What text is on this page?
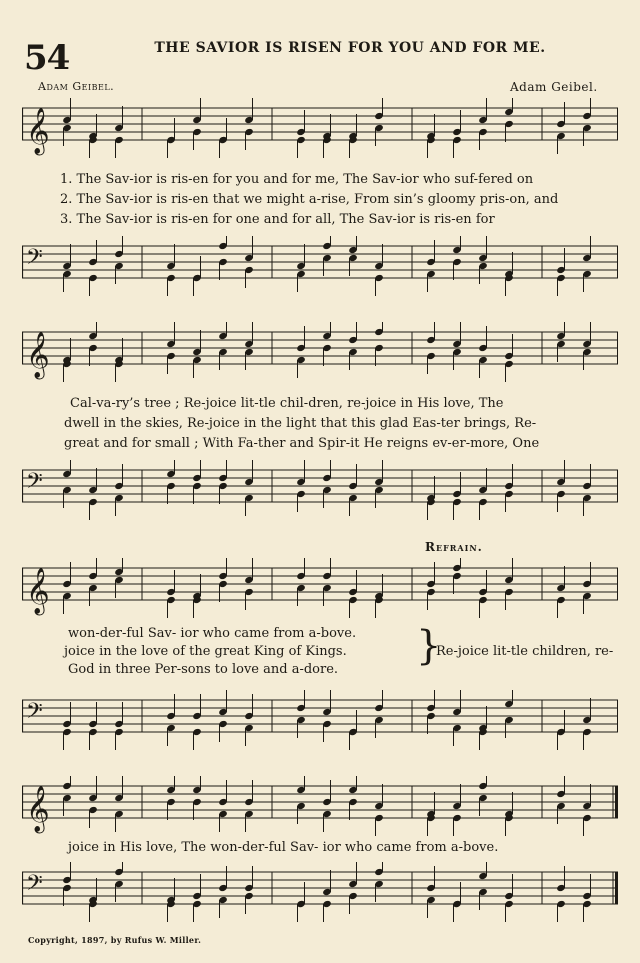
54	THE SAVIOR IS RISEN FOR YOU AND FOR ME.
Adam Geibel.	Adam Geibel.
𝄞
1. The Sav-ior is ris-en for you and for me, The Sav-ior who suf-fered on
2. The Sav-ior is ris-en that we might a-rise, From sin’s gloomy pris-on, and
3. The Sav-ior is ris-en for one and for all, The Sav-ior is ris-en for
𝄢
𝄞
Cal-va-ry’s tree ; Re-joice lit-tle chil-dren, re-joice in His love, The
dwell in the skies, Re-joice in the light that this glad Eas-ter brings, Re-
great and for small ; With Fa-ther and Spir-it He reigns ev-er-more, One
𝄢
Refrain.
𝄞
won-der-ful Sav- ior who came from a-bove.
joice in the love of the great King of Kings.
God in three Per-sons to love and a-dore.
}
Re-joice lit-tle children, re-
𝄢
𝄞
joice in His love, The won-der-ful Sav- ior who came from a-bove.
𝄢
Copyright, 1897, by Rufus W. Miller.
